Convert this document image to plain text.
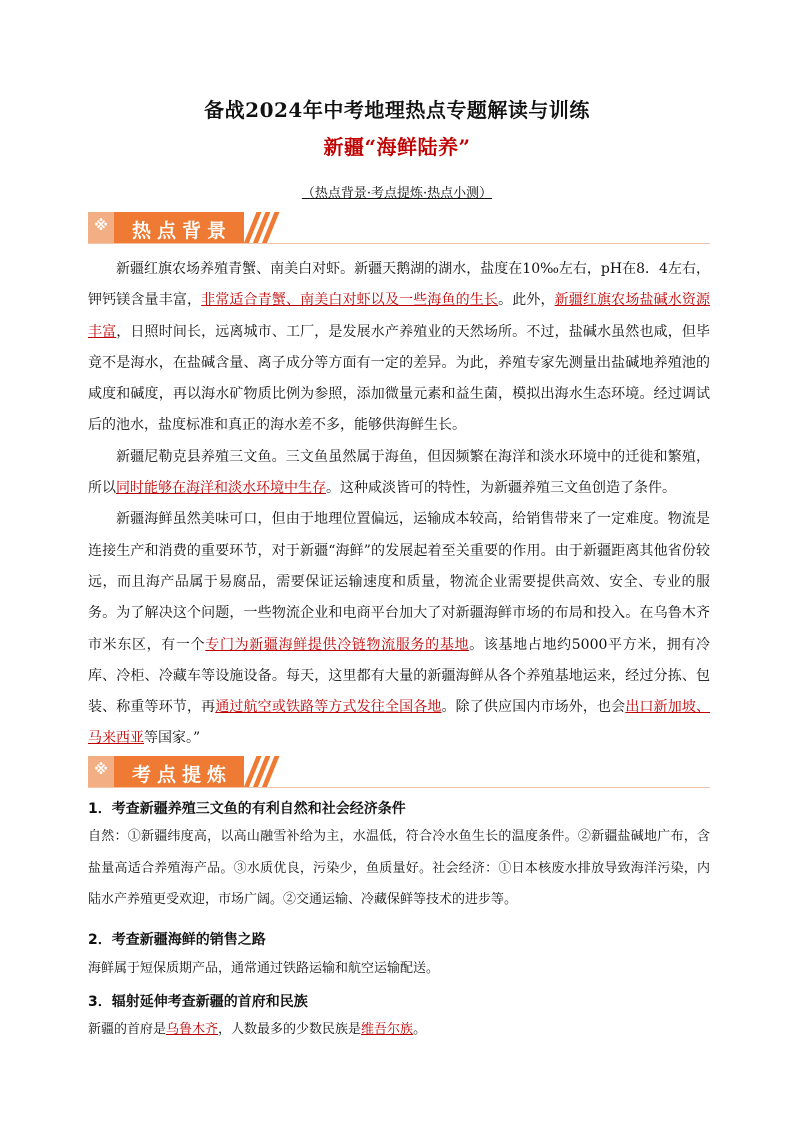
备战2024年中考地理热点专题解读与训练
新疆“海鲜陆养”
（热点背景·考点提炼·热点小测）
※	热点背景

新疆红旗农场养殖青蟹、南美白对虾。新疆天鹅湖的湖水，盐度在10‰左右，pH在8．4左右，钾钙镁含量丰富，非常适合青蟹、南美白对虾以及一些海鱼的生长。此外，新疆红旗农场盐碱水资源丰富，日照时间长，远离城市、工厂，是发展水产养殖业的天然场所。不过，盐碱水虽然也咸，但毕竟不是海水，在盐碱含量、离子成分等方面有一定的差异。为此，养殖专家先测量出盐碱地养殖池的咸度和碱度，再以海水矿物质比例为参照，添加微量元素和益生菌，模拟出海水生态环境。经过调试后的池水，盐度标准和真正的海水差不多，能够供海鲜生长。

新疆尼勒克县养殖三文鱼。三文鱼虽然属于海鱼，但因频繁在海洋和淡水环境中的迁徙和繁殖，所以同时能够在海洋和淡水环境中生存。这种咸淡皆可的特性，为新疆养殖三文鱼创造了条件。

新疆海鲜虽然美味可口，但由于地理位置偏远，运输成本较高，给销售带来了一定难度。物流是连接生产和消费的重要环节，对于新疆“海鲜”的发展起着至关重要的作用。由于新疆距离其他省份较远，而且海产品属于易腐品，需要保证运输速度和质量，物流企业需要提供高效、安全、专业的服务。为了解决这个问题，一些物流企业和电商平台加大了对新疆海鲜市场的布局和投入。在乌鲁木齐市米东区，有一个专门为新疆海鲜提供冷链物流服务的基地。该基地占地约5000平方米，拥有冷库、冷柜、冷藏车等设施设备。每天，这里都有大量的新疆海鲜从各个养殖基地运来，经过分拣、包装、称重等环节，再通过航空或铁路等方式发往全国各地。除了供应国内市场外，也会出口新加坡、马来西亚等国家。”

※	考点提炼
1．考查新疆养殖三文鱼的有利自然和社会经济条件
自然：①新疆纬度高，以高山融雪补给为主，水温低，符合冷水鱼生长的温度条件。②新疆盐碱地广布，含盐量高适合养殖海产品。③水质优良，污染少，鱼质量好。社会经济：①日本核废水排放导致海洋污染，内陆水产养殖更受欢迎，市场广阔。②交通运输、冷藏保鲜等技术的进步等。
2．考查新疆海鲜的销售之路
海鲜属于短保质期产品，通常通过铁路运输和航空运输配送。
3．辐射延伸考查新疆的首府和民族
新疆的首府是乌鲁木齐，人数最多的少数民族是维吾尔族。
